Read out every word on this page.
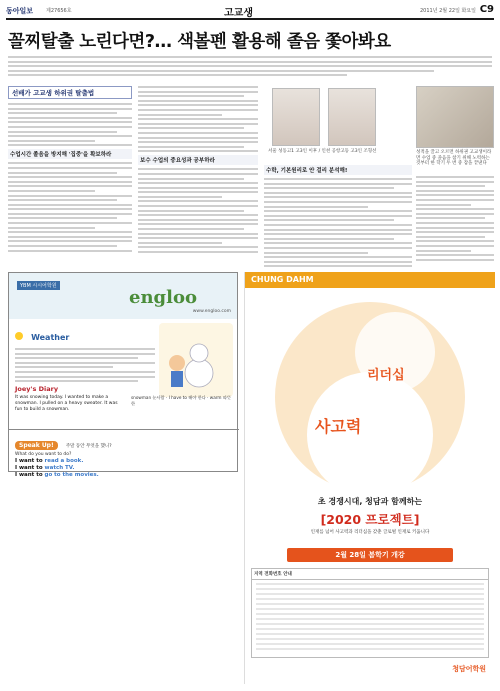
동아일보	제27656호	고교생	2011년 2월 22일 화요일 C9
꼴찌탈출 노린다면?… 색볼펜 활용해 졸음 쫓아봐요
선배가 고교생 하위권 탈출법
수업시간 졸음을 방지해 '집중'을 확보하라
보수 수업의 중요성과 공부하라
서울 성동고1 고3인 이후 / 인천 공항고등 고3인 조형선
수학, 기본원리로 안 걸리 분석해!
성적을 끌고 오르면 하위권 고교생이라면 수업 중 졸음을 참기 위해 노력하는 것부터 한 학기 두 번 중 잠을 끝낸다
YBM 시시어학원
engloo
www.engloo.com
Weather
Joey's Diary
It was snowing today. I wanted to make a snowman. I pulled on a heavy sweater. It was fun to build a snowman.
snowman 눈사람 · I have to 해야 한다 · warm 따뜻한
Speak Up!	주말 동안 무엇을 했니?
What do you want to do?
I want to read a book.
I want to watch TV.
I want to go to the movies.
CHUNG DAHM
리더십
사고력
초 경쟁시대, 청담과 함께하는
[2020 프로젝트]
인재를 넘어 사고력과 리더십을 갖춘 글로벌 인재로 키웁니다
2월 28일 봄학기 개강
지역 전화번호 안내
청담어학원
